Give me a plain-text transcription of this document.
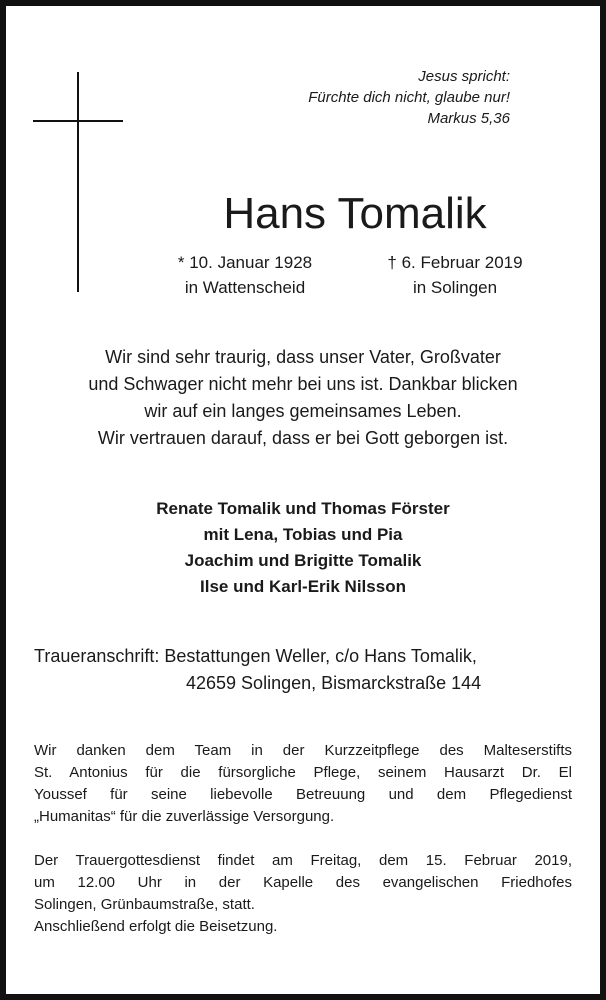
Jesus spricht:
Fürchte dich nicht, glaube nur!
Markus 5,36
Hans Tomalik
* 10. Januar 1928
in Wattenscheid
† 6. Februar 2019
in Solingen
Wir sind sehr traurig, dass unser Vater, Großvater
und Schwager nicht mehr bei uns ist. Dankbar blicken
wir auf ein langes gemeinsames Leben.
Wir vertrauen darauf, dass er bei Gott geborgen ist.
Renate Tomalik und Thomas Förster
mit Lena, Tobias und Pia
Joachim und Brigitte Tomalik
Ilse und Karl-Erik Nilsson
Traueranschrift: Bestattungen Weller, c/o Hans Tomalik,
42659 Solingen, Bismarckstraße 144
Wir danken dem Team in der Kurzzeitpflege des Malteserstifts
St. Antonius für die fürsorgliche Pflege, seinem Hausarzt Dr. El
Youssef für seine liebevolle Betreuung und dem Pflegedienst
„Humanitas“ für die zuverlässige Versorgung.
Der Trauergottesdienst findet am Freitag, dem 15. Februar 2019,
um 12.00 Uhr in der Kapelle des evangelischen Friedhofes
Solingen, Grünbaumstraße, statt.
Anschließend erfolgt die Beisetzung.
